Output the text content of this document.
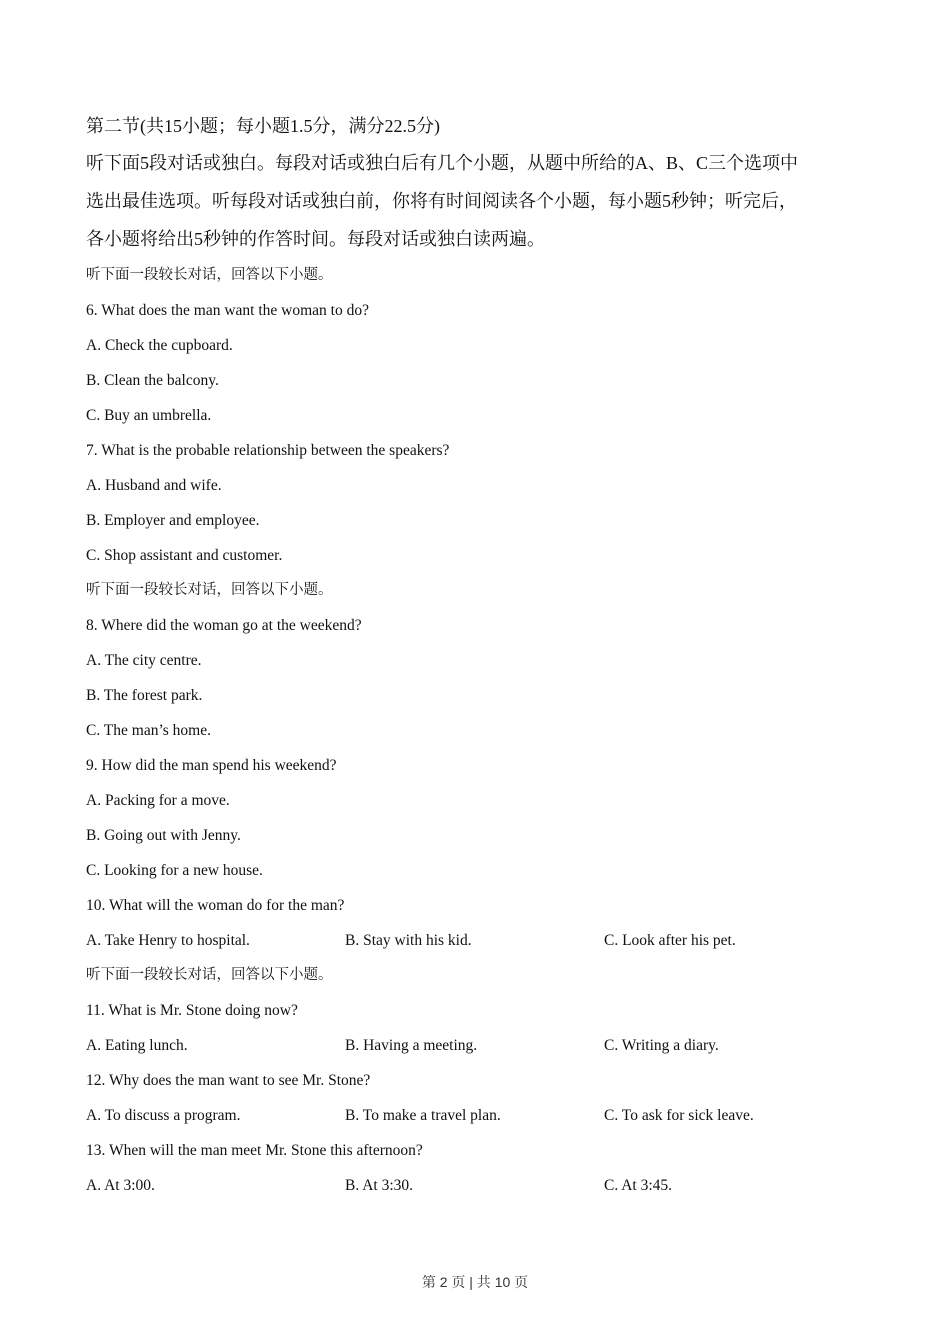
第二节(共15小题；每小题1.5分，满分22.5分)
听下面5段对话或独白。每段对话或独白后有几个小题，从题中所给的A、B、C三个选项中
选出最佳选项。听每段对话或独白前，你将有时间阅读各个小题，每小题5秒钟；听完后，
各小题将给出5秒钟的作答时间。每段对话或独白读两遍。
听下面一段较长对话，回答以下小题。
6. What does the man want the woman to do?
A. Check the cupboard.
B. Clean the balcony.
C. Buy an umbrella.
7. What is the probable relationship between the speakers?
A. Husband and wife.
B. Employer and employee.
C. Shop assistant and customer.
听下面一段较长对话，回答以下小题。
8. Where did the woman go at the weekend?
A. The city centre.
B. The forest park.
C. The man’s home.
9. How did the man spend his weekend?
A. Packing for a move.
B. Going out with Jenny.
C. Looking for a new house.
10. What will the woman do for the man?
A. Take Henry to hospital.	B. Stay with his kid.	C. Look after his pet.
听下面一段较长对话，回答以下小题。
11. What is Mr. Stone doing now?
A. Eating lunch.	B. Having a meeting.	C. Writing a diary.
12. Why does the man want to see Mr. Stone?
A. To discuss a program.	B. To make a travel plan.	C. To ask for sick leave.
13. When will the man meet Mr. Stone this afternoon?
A. At 3:00.	B. At 3:30.	C. At 3:45.
第 2 页 | 共 10 页
